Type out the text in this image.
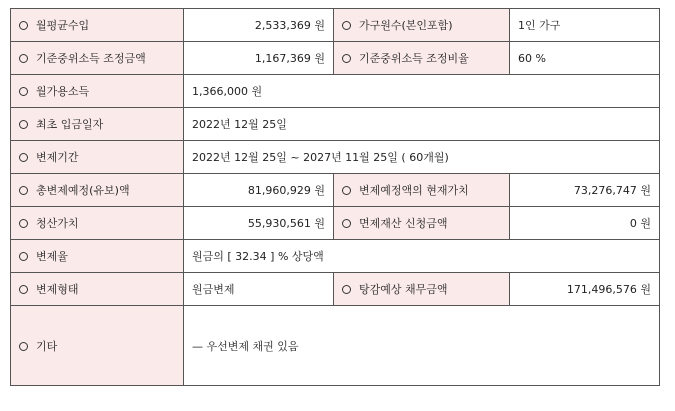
월평균수입	2,533,369 원	가구원수(본인포함)	1인 가구
기준중위소득 조정금액	1,167,369 원	기준중위소득 조정비율	60 %
월가용소득	1,366,000 원		
최초 입금일자	2022년 12월 25일		
변제기간	2022년 12월 25일 ~ 2027년 11월 25일 ( 60개월)		
총변제예정(유보)액	81,960,929 원	변제예정액의 현재가치	73,276,747 원
청산가치	55,930,561 원	면제재산 신청금액	0 원
변제율	원금의 [ 32.34 ] % 상당액		
변제형태	원금변제	탕감예상 채무금액	171,496,576 원
기타	— 우선변제 채권 있음		
